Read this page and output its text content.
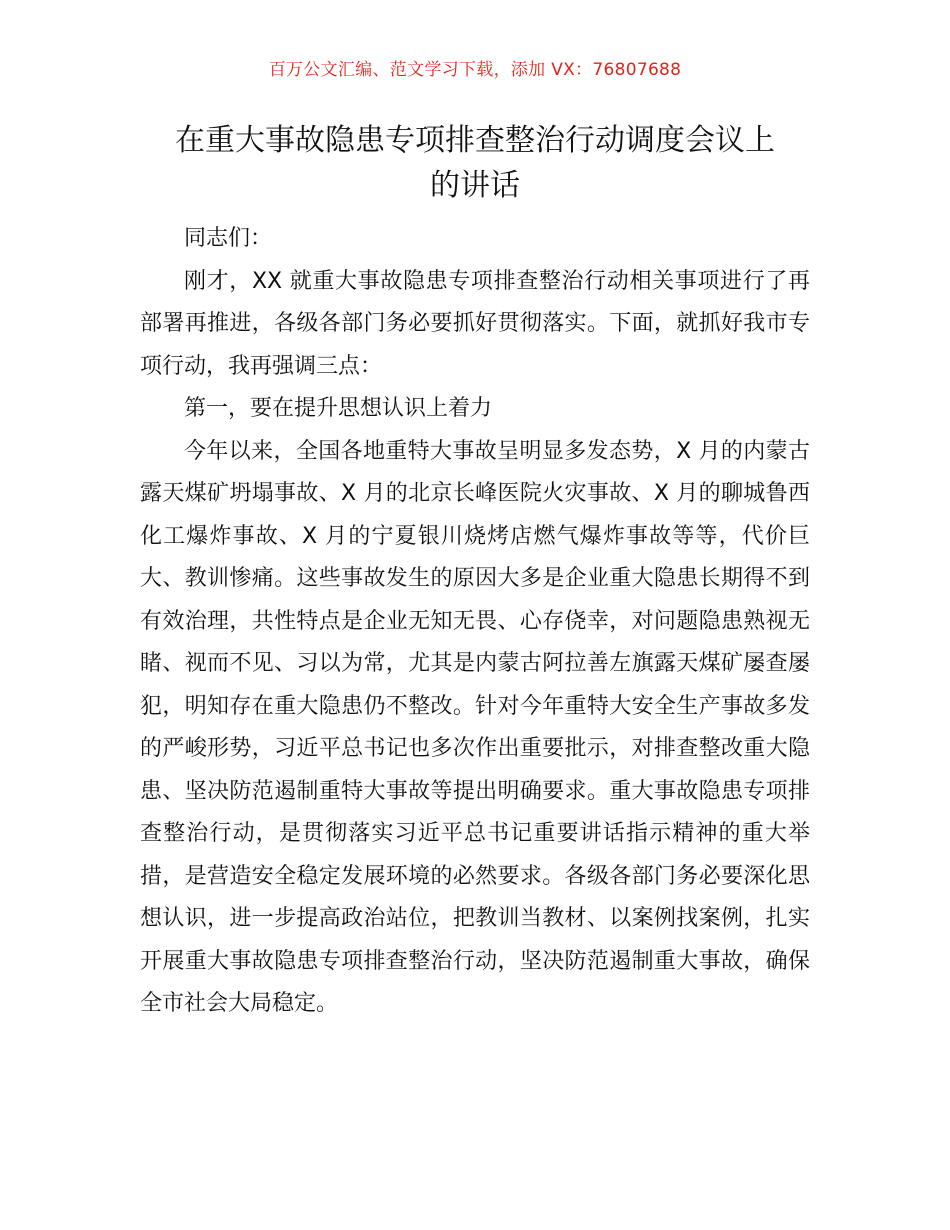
百万公文汇编、范文学习下载，添加 VX：76807688
在重大事故隐患专项排查整治行动调度会议上
的讲话

同志们：

刚才，XX 就重大事故隐患专项排查整治行动相关事项进行了再部署再推进，各级各部门务必要抓好贯彻落实。下面，就抓好我市专项行动，我再强调三点：

第一，要在提升思想认识上着力

今年以来，全国各地重特大事故呈明显多发态势，X 月的内蒙古露天煤矿坍塌事故、X 月的北京长峰医院火灾事故、X 月的聊城鲁西化工爆炸事故、X 月的宁夏银川烧烤店燃气爆炸事故等等，代价巨大、教训惨痛。这些事故发生的原因大多是企业重大隐患长期得不到有效治理，共性特点是企业无知无畏、心存侥幸，对问题隐患熟视无睹、视而不见、习以为常，尤其是内蒙古阿拉善左旗露天煤矿屡查屡犯，明知存在重大隐患仍不整改。针对今年重特大安全生产事故多发的严峻形势，习近平总书记也多次作出重要批示，对排查整改重大隐患、坚决防范遏制重特大事故等提出明确要求。重大事故隐患专项排查整治行动，是贯彻落实习近平总书记重要讲话指示精神的重大举措，是营造安全稳定发展环境的必然要求。各级各部门务必要深化思想认识，进一步提高政治站位，把教训当教材、以案例找案例，扎实开展重大事故隐患专项排查整治行动，坚决防范遏制重大事故，确保全市社会大局稳定。
